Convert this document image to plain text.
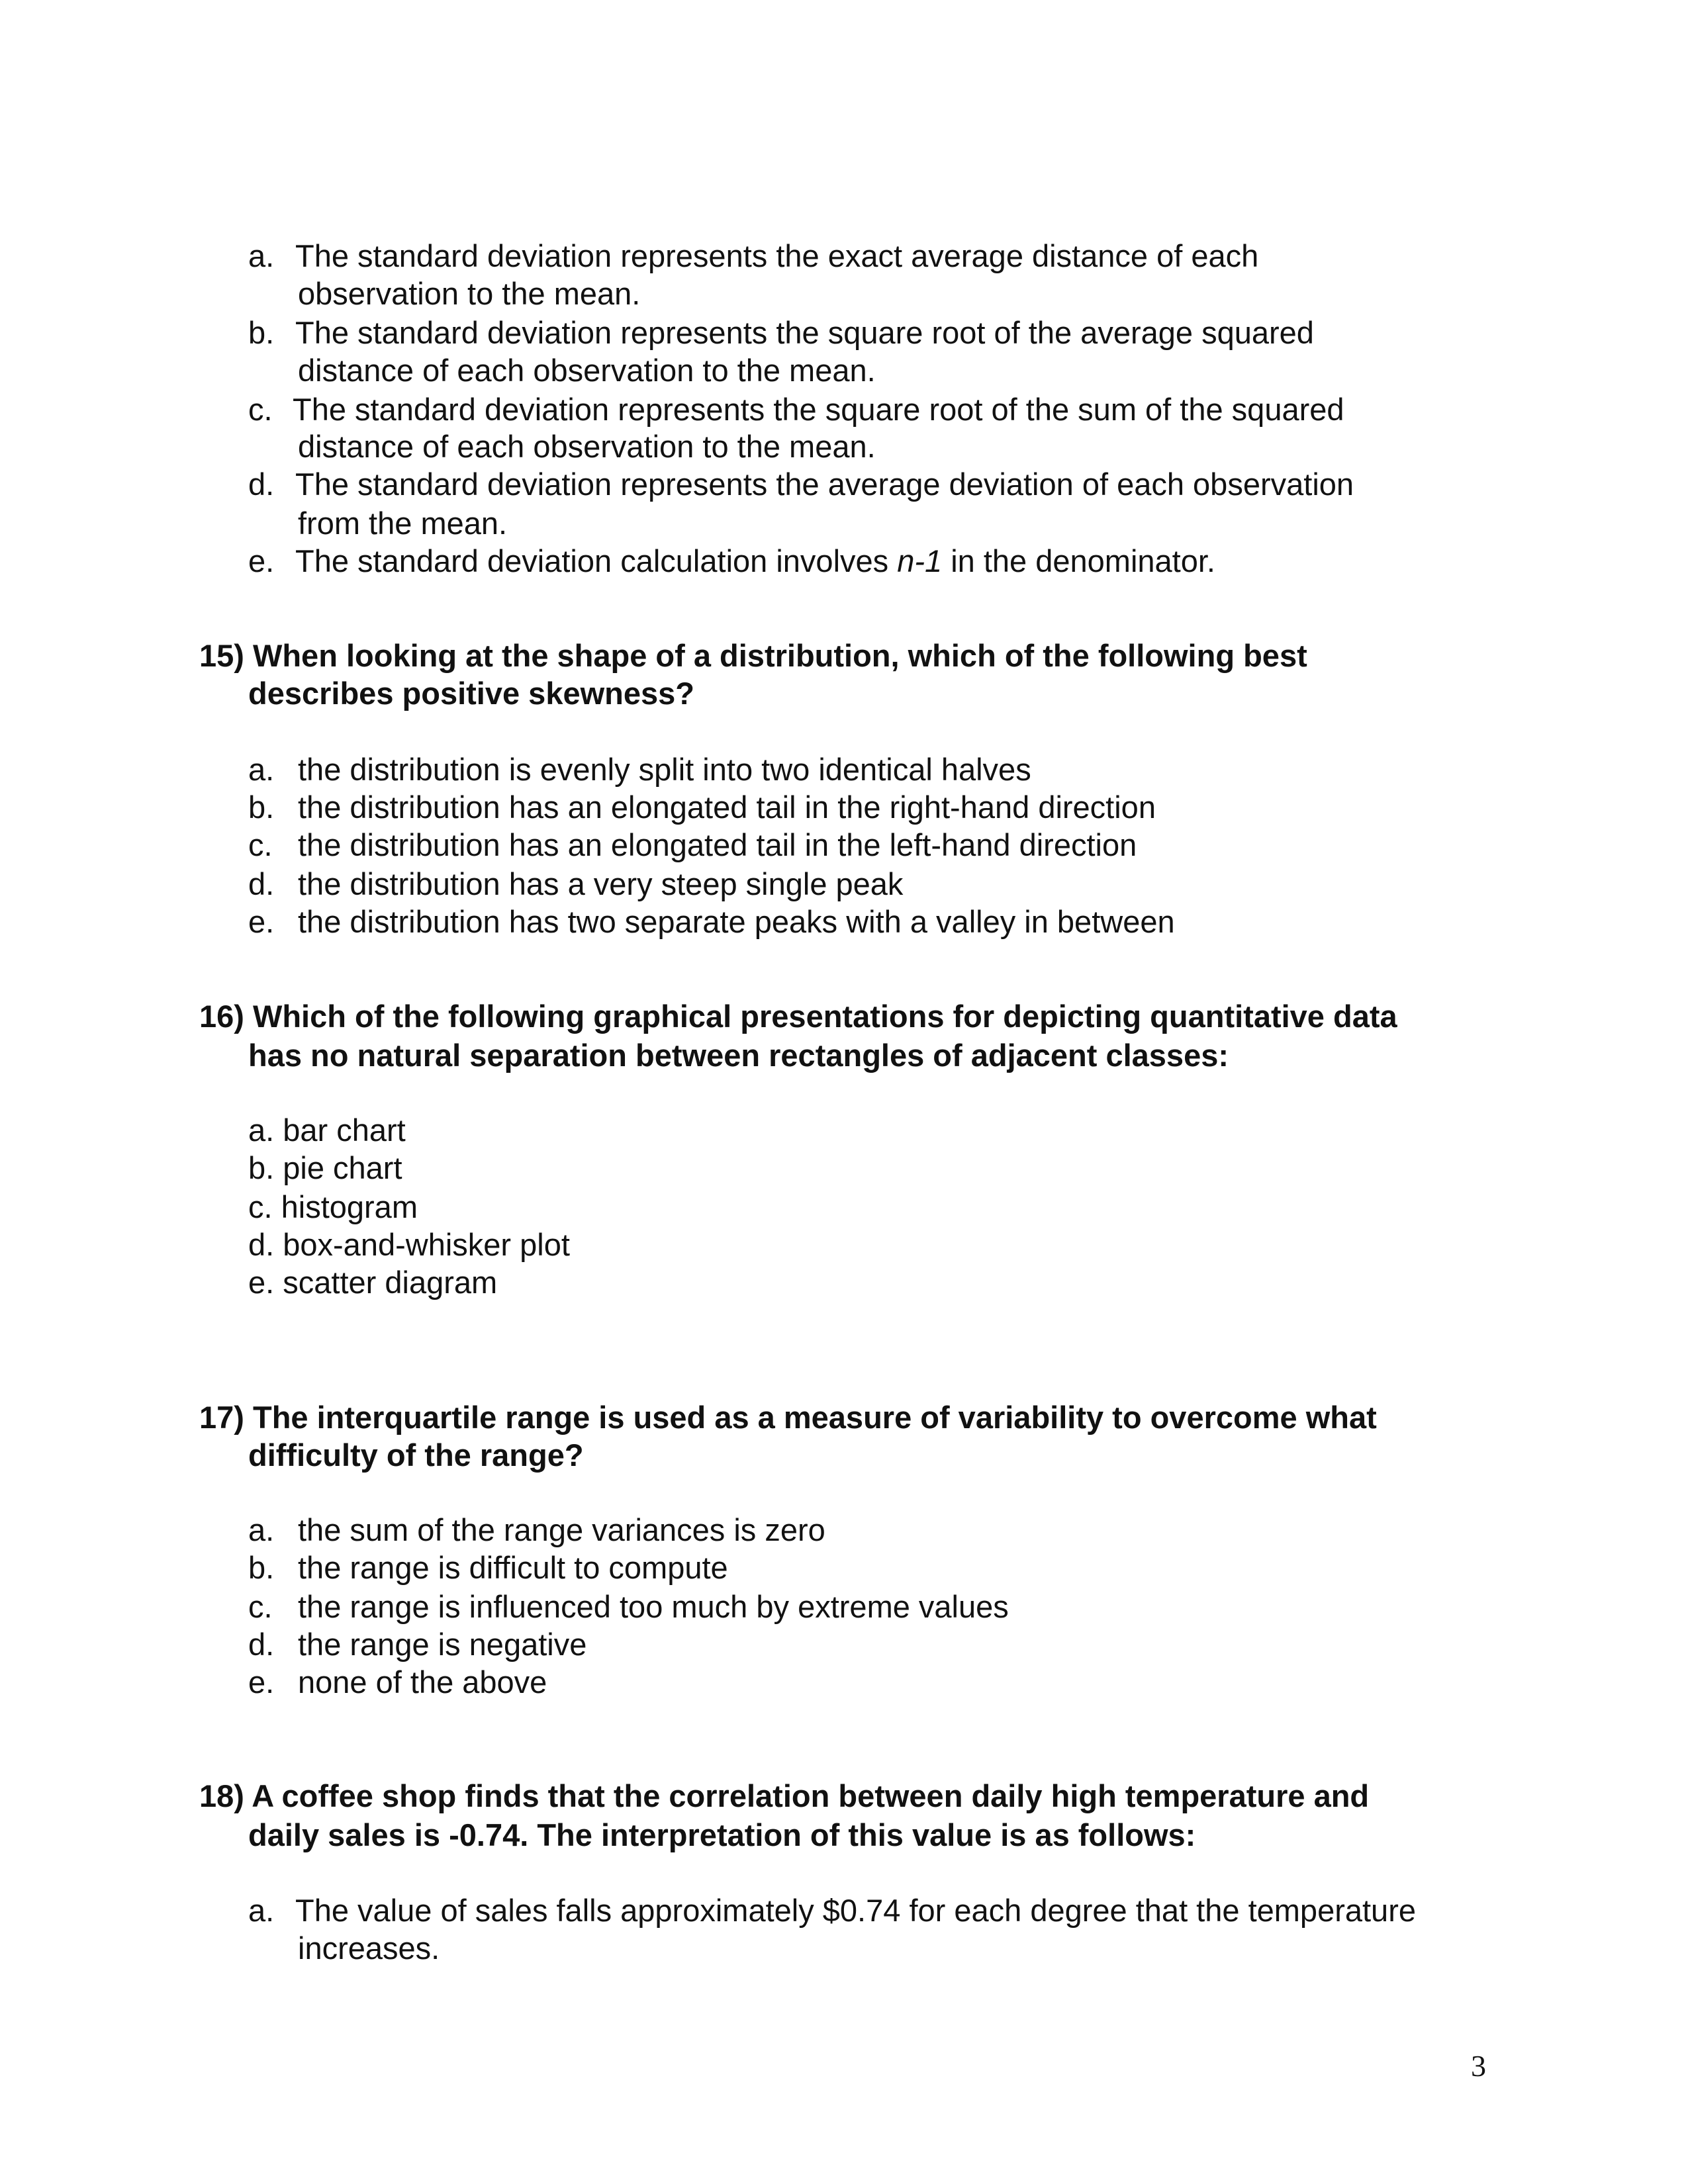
a. The standard deviation represents the exact average distance of each
observation to the mean.
b. The standard deviation represents the square root of the average squared
distance of each observation to the mean.
c. The standard deviation represents the square root of the sum of the squared
distance of each observation to the mean.
d. The standard deviation represents the average deviation of each observation
from the mean.
e. The standard deviation calculation involves n-1 in the denominator.
15) When looking at the shape of a distribution, which of the following best
describes positive skewness?
a. the distribution is evenly split into two identical halves
b. the distribution has an elongated tail in the right-hand direction
c. the distribution has an elongated tail in the left-hand direction
d. the distribution has a very steep single peak
e. the distribution has two separate peaks with a valley in between
16) Which of the following graphical presentations for depicting quantitative data
has no natural separation between rectangles of adjacent classes:
a. bar chart
b. pie chart
c. histogram
d. box-and-whisker plot
e. scatter diagram
17) The interquartile range is used as a measure of variability to overcome what
difficulty of the range?
a. the sum of the range variances is zero
b. the range is difficult to compute
c. the range is influenced too much by extreme values
d. the range is negative
e. none of the above
18) A coffee shop finds that the correlation between daily high temperature and
daily sales is -0.74. The interpretation of this value is as follows:
a. The value of sales falls approximately $0.74 for each degree that the temperature
increases.
3
